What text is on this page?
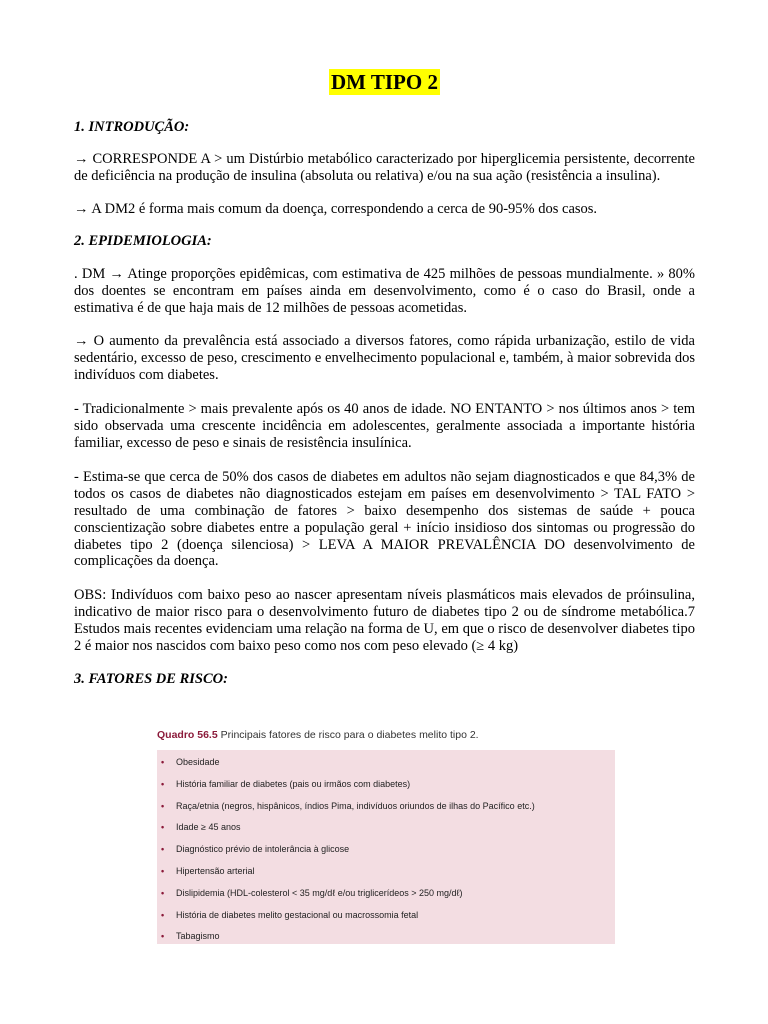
DM TIPO 2

1. INTRODUÇÃO:

→ CORRESPONDE A > um Distúrbio metabólico caracterizado por hiperglicemia persistente, decorrente de deficiência na produção de insulina (absoluta ou relativa) e/ou na sua ação (resistência a insulina).

→ A DM2 é forma mais comum da doença, correspondendo a cerca de 90-95% dos casos.

2. EPIDEMIOLOGIA:

. DM → Atinge proporções epidêmicas, com estimativa de 425 milhões de pessoas mundialmente. » 80% dos doentes se encontram em países ainda em desenvolvimento, como é o caso do Brasil, onde a estimativa é de que haja mais de 12 milhões de pessoas acometidas.

→ O aumento da prevalência está associado a diversos fatores, como rápida urbanização, estilo de vida sedentário, excesso de peso, crescimento e envelhecimento populacional e, também, à maior sobrevida dos indivíduos com diabetes.

- Tradicionalmente > mais prevalente após os 40 anos de idade. NO ENTANTO > nos últimos anos > tem sido observada uma crescente incidência em adolescentes, geralmente associada a importante história familiar, excesso de peso e sinais de resistência insulínica.

- Estima-se que cerca de 50% dos casos de diabetes em adultos não sejam diagnosticados e que 84,3% de todos os casos de diabetes não diagnosticados estejam em países em desenvolvimento > TAL FATO > resultado de uma combinação de fatores > baixo desempenho dos sistemas de saúde + pouca conscientização sobre diabetes entre a população geral + início insidioso dos sintomas ou progressão do diabetes tipo 2 (doença silenciosa) > LEVA A MAIOR PREVALÊNCIA DO desenvolvimento de complicações da doença.

OBS: Indivíduos com baixo peso ao nascer apresentam níveis plasmáticos mais elevados de próinsulina, indicativo de maior risco para o desenvolvimento futuro de diabetes tipo 2 ou de síndrome metabólica.7 Estudos mais recentes evidenciam uma relação na forma de U, em que o risco de desenvolver diabetes tipo 2 é maior nos nascidos com baixo peso como nos com peso elevado (≥ 4 kg)

3. FATORES DE RISCO:

Quadro 56.5 Principais fatores de risco para o diabetes melito tipo 2.
• Obesidade
• História familiar de diabetes (pais ou irmãos com diabetes)
• Raça/etnia (negros, hispânicos, índios Pima, indivíduos oriundos de ilhas do Pacífico etc.)
• Idade ≥ 45 anos
• Diagnóstico prévio de intolerância à glicose
• Hipertensão arterial
• Dislipidemia (HDL-colesterol < 35 mg/dℓ e/ou triglicerídeos > 250 mg/dℓ)
• História de diabetes melito gestacional ou macrossomia fetal
• Tabagismo
